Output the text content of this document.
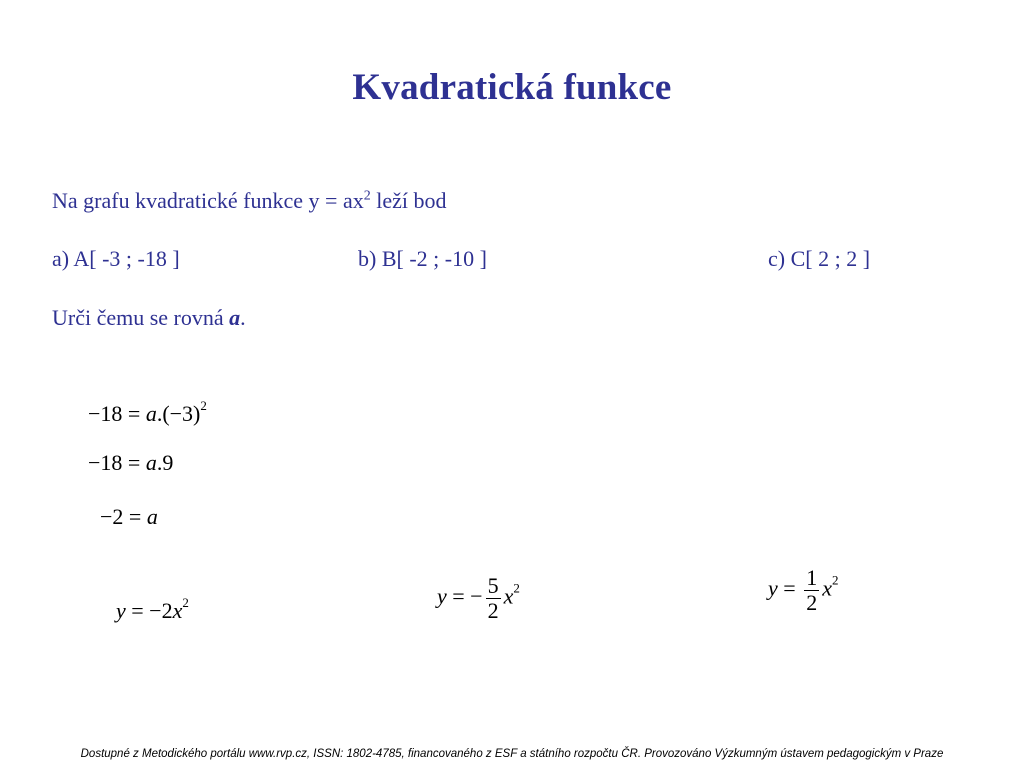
Kvadratická funkce
Na grafu kvadratické funkce $y = ax^2$ leží bod
a) A[ -3 ; -18 ]	b) B[ -2 ; -10 ]	c) C[ 2 ; 2 ]
Urči čemu se rovná a.
$-18 = a.(-3)^2$
−18 = a.9
−2 = a
$y = -2x^2$	y = − $\frac{5}{2} x^2$	$y = \frac{1}{2} x^2$
Dostupné z Metodického portálu www.rvp.cz, ISSN: 1802-4785, financovaného z ESF a státního rozpočtu ČR. Provozováno Výzkumným ústavem pedagogickým v Praze
